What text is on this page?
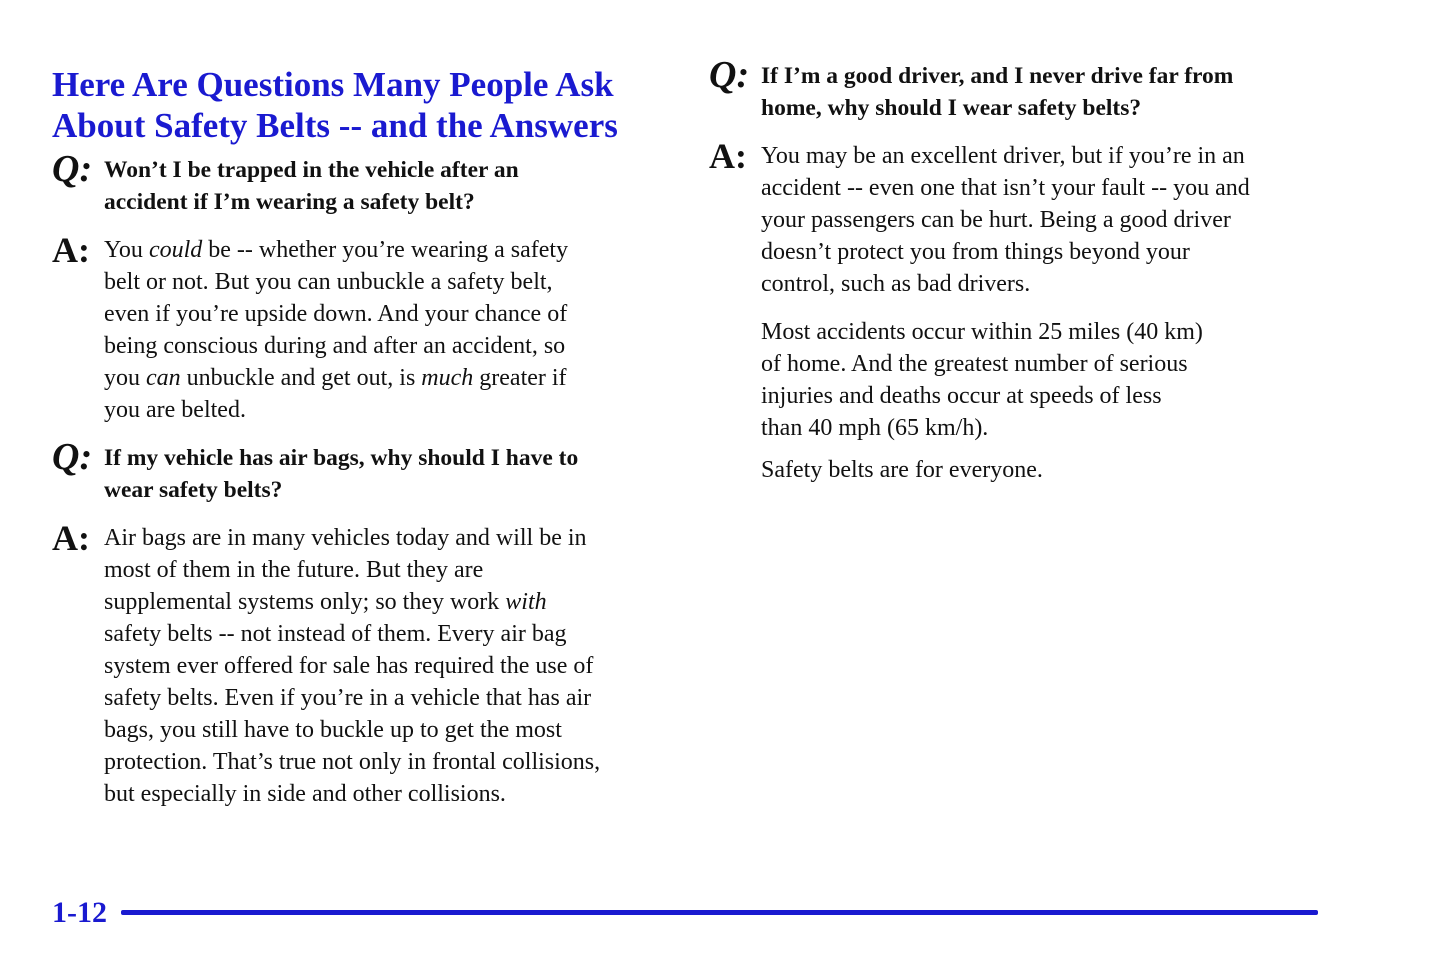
Here Are Questions Many People Ask
About Safety Belts -- and the Answers
Q: Won’t I be trapped in the vehicle after an
accident if I’m wearing a safety belt?

A: You could be -- whether you’re wearing a safety
belt or not. But you can unbuckle a safety belt,
even if you’re upside down. And your chance of
being conscious during and after an accident, so
you can unbuckle and get out, is much greater if
you are belted.

Q: If my vehicle has air bags, why should I have to
wear safety belts?

A: Air bags are in many vehicles today and will be in
most of them in the future. But they are
supplemental systems only; so they work with
safety belts -- not instead of them. Every air bag
system ever offered for sale has required the use of
safety belts. Even if you’re in a vehicle that has air
bags, you still have to buckle up to get the most
protection. That’s true not only in frontal collisions,
but especially in side and other collisions.

Q: If I’m a good driver, and I never drive far from
home, why should I wear safety belts?

A: You may be an excellent driver, but if you’re in an
accident -- even one that isn’t your fault -- you and
your passengers can be hurt. Being a good driver
doesn’t protect you from things beyond your
control, such as bad drivers.

Most accidents occur within 25 miles (40 km)
of home. And the greatest number of serious
injuries and deaths occur at speeds of less
than 40 mph (65 km/h).

Safety belts are for everyone.

1-12
